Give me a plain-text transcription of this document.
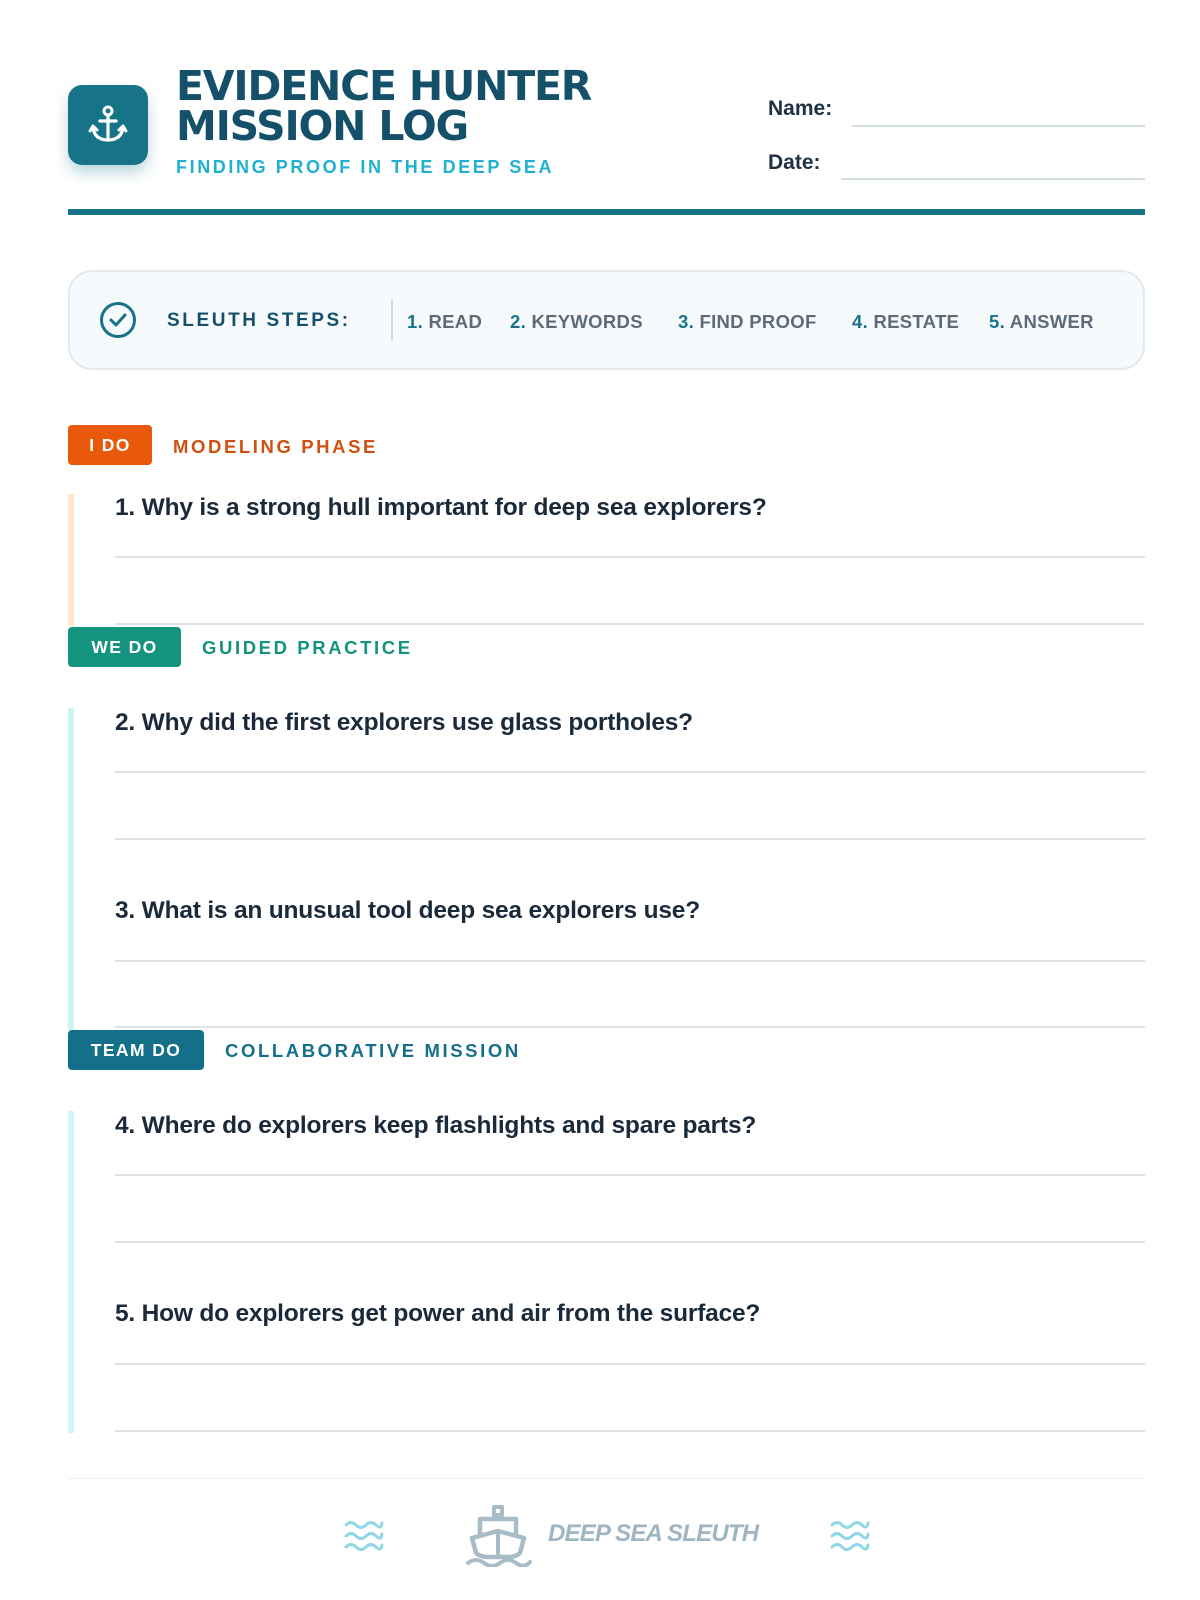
EVIDENCE HUNTER MISSION LOG
FINDING PROOF IN THE DEEP SEA
Name:
Date:
SLEUTH STEPS:	1. READ 2. KEYWORDS 3. FIND PROOF 4. RESTATE 5. ANSWER
I DO	MODELING PHASE
1. Why is a strong hull important for deep sea explorers?
WE DO	GUIDED PRACTICE
2. Why did the first explorers use glass portholes?
3. What is an unusual tool deep sea explorers use?
TEAM DO	COLLABORATIVE MISSION
4. Where do explorers keep flashlights and spare parts?
5. How do explorers get power and air from the surface?
DEEP SEA SLEUTH
